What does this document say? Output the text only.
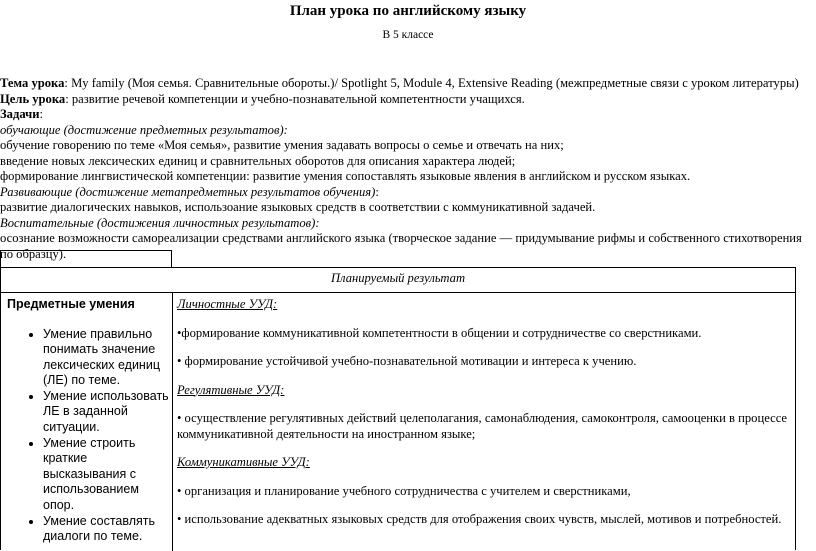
План урока по английскому языку
В 5 классе

Тема урока: My family (Моя семья. Сравнительные обороты.)/ Spotlight 5, Module 4, Extensive Reading (межпредметные связи с уроком литературы)

Цель урока: развитие речевой компетенции и учебно-познавательной компетентности учащихся.

Задачи:

обучающие (достижение предметных результатов):

обучение говорению по теме «Моя семья», развитие умения задавать вопросы о семье и отвечать на них;

введение новых лексических единиц и сравнительных оборотов для описания характера людей;

формирование лингвистической компетенции: развитие умения сопоставлять языковые явления в английском и русском языках.

Развивающие (достижение метапредметных результатов обучения):

развитие диалогических навыков, использоание языковых средств в соответствии с коммуникативной задачей.

Воспитательные (достижения личностных результатов):

осознание возможности самореализации средствами английского языка (творческое задание — придумывание рифмы и собственного стихотворения по образцу).

Планируемый результат
Предметные умения
• Умение правильно понимать значение лексических единиц (ЛЕ) по теме.
• Умение использовать ЛЕ в заданной ситуации.
• Умение строить краткие высказывания с использованием опор.
• Умение составлять диалоги по теме.

Личностные УУД:

•формирование коммуникативной компетентности в общении и сотрудничестве со сверстниками.

• формирование устойчивой учебно-познавательной мотивации и интереса к учению.

Регулятивные УУД:

• осуществление регулятивных действий целеполагания, самонаблюдения, самоконтроля, самооценки в процессе коммуникативной деятельности на иностранном языке;

Коммуникативные УУД:

• организация и планирование учебного сотрудничества с учителем и сверстниками,

• использование адекватных языковых средств для отображения своих чувств, мыслей, мотивов и потребностей.
